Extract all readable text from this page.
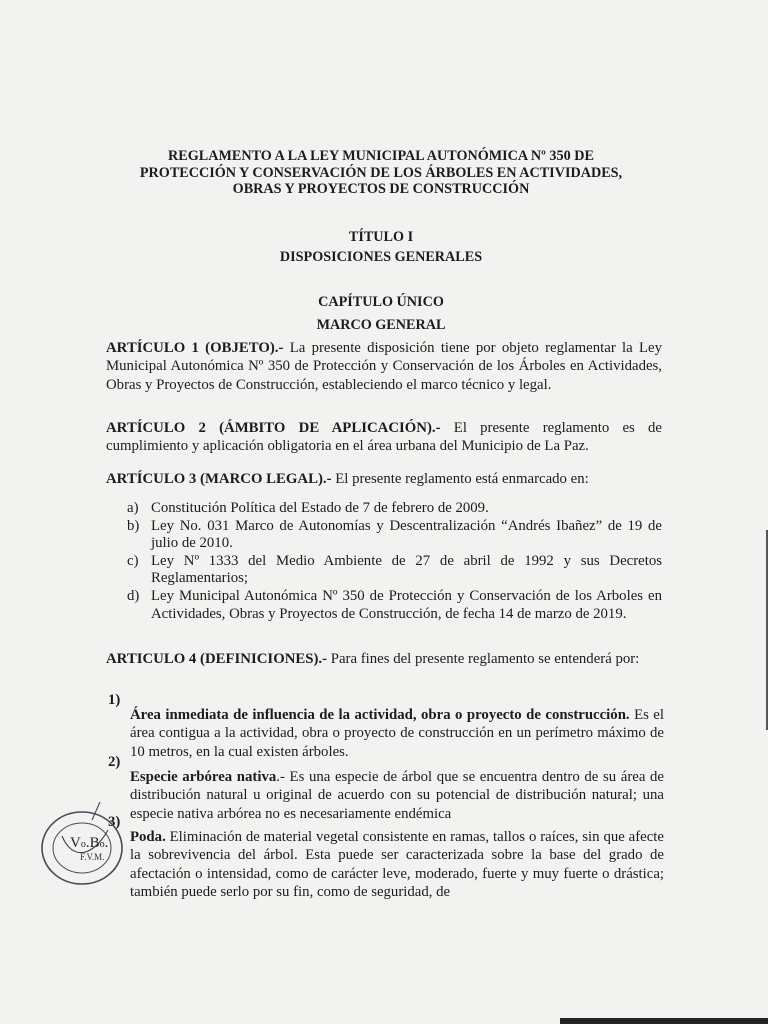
REGLAMENTO A LA LEY MUNICIPAL AUTONÓMICA Nº 350 DE
PROTECCIÓN Y CONSERVACIÓN DE LOS ÁRBOLES EN ACTIVIDADES,
OBRAS Y PROYECTOS DE CONSTRUCCIÓN

TÍTULO I

DISPOSICIONES GENERALES

CAPÍTULO ÚNICO

MARCO GENERAL

ARTÍCULO 1 (OBJETO).- La presente disposición tiene por objeto reglamentar la Ley Municipal Autonómica Nº 350 de Protección y Conservación de los Árboles en Actividades, Obras y Proyectos de Construcción, estableciendo el marco técnico y legal.

ARTÍCULO 2 (ÁMBITO DE APLICACIÓN).- El presente reglamento es de cumplimiento y aplicación obligatoria en el área urbana del Municipio de La Paz.

ARTÍCULO 3 (MARCO LEGAL).- El presente reglamento está enmarcado en:

a) Constitución Política del Estado de 7 de febrero de 2009.
b) Ley No. 031 Marco de Autonomías y Descentralización “Andrés Ibañez” de 19 de julio de 2010.
c) Ley Nº 1333 del Medio Ambiente de 27 de abril de 1992 y sus Decretos Reglamentarios;
d) Ley Municipal Autonómica Nº 350 de Protección y Conservación de los Arboles en Actividades, Obras y Proyectos de Construcción, de fecha 14 de marzo de 2019.

ARTICULO 4 (DEFINICIONES).- Para fines del presente reglamento se entenderá por:

1)

Área inmediata de influencia de la actividad, obra o proyecto de construcción. Es el área contigua a la actividad, obra o proyecto de construcción en un perímetro máximo de 10 metros, en la cual existen árboles.

2)

Especie arbórea nativa.- Es una especie de árbol que se encuentra dentro de su área de distribución natural u original de acuerdo con su potencial de distribución natural; una especie nativa arbórea no es necesariamente endémica

3)

Poda. Eliminación de material vegetal consistente en ramas, tallos o raíces, sin que afecte la sobrevivencia del árbol. Esta puede ser caracterizada sobre la base del grado de afectación o intensidad, como de carácter leve, moderado, fuerte y muy fuerte o drástica; también puede serlo por su fin, como de seguridad, de

Vo.Bo.
F.V.M.
